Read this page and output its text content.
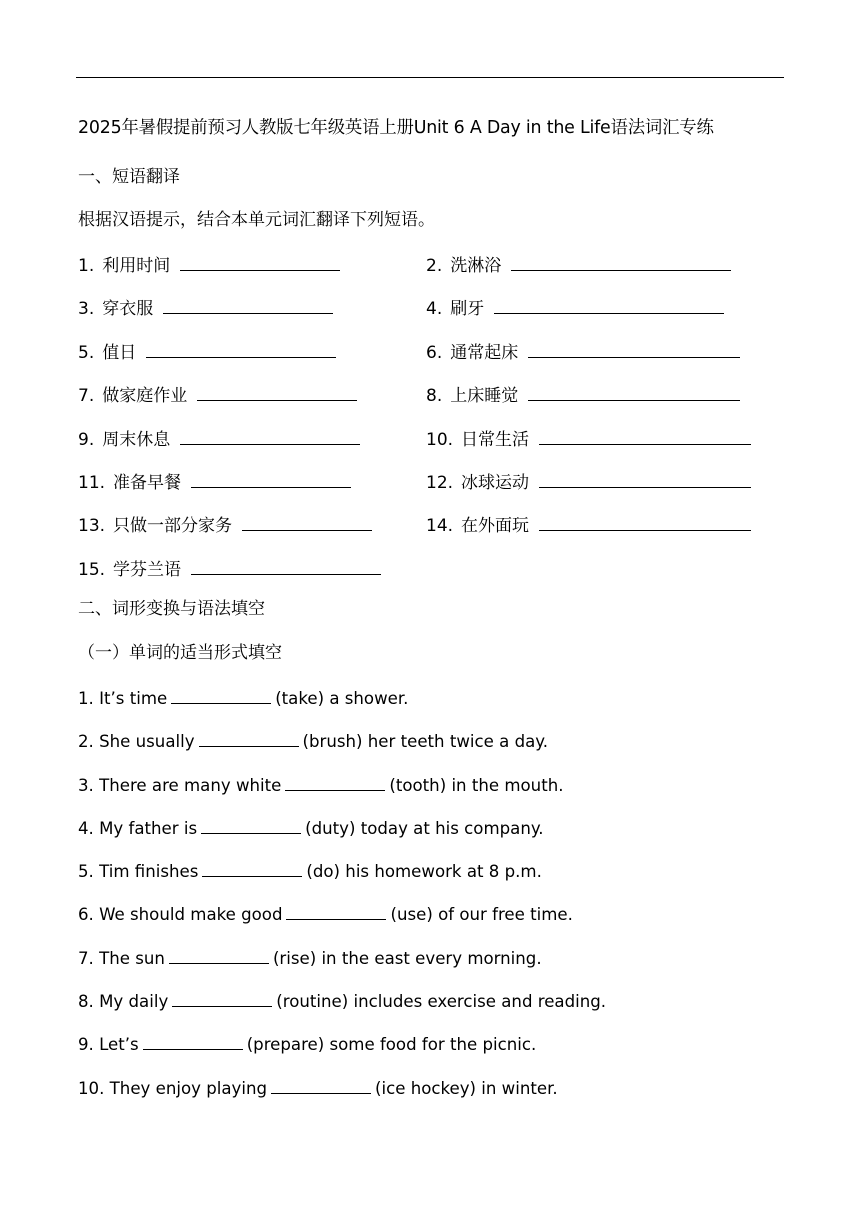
2025年暑假提前预习人教版七年级英语上册Unit 6 A Day in the Life语法词汇专练
一、短语翻译
根据汉语提示，结合本单元词汇翻译下列短语。
1. 利用时间	2. 洗淋浴
3. 穿衣服	4. 刷牙
5. 值日	6. 通常起床
7. 做家庭作业	8. 上床睡觉
9. 周末休息	10. 日常生活
11. 准备早餐	12. 冰球运动
13. 只做一部分家务	14. 在外面玩
15. 学芬兰语
二、词形变换与语法填空
（一）单词的适当形式填空
1. It’s time	(take) a shower.
2. She usually	(brush) her teeth twice a day.
3. There are many white	(tooth) in the mouth.
4. My father is	(duty) today at his company.
5. Tim finishes	(do) his homework at 8 p.m.
6. We should make good	(use) of our free time.
7. The sun	(rise) in the east every morning.
8. My daily	(routine) includes exercise and reading.
9. Let’s	(prepare) some food for the picnic.
10. They enjoy playing	(ice hockey) in winter.
